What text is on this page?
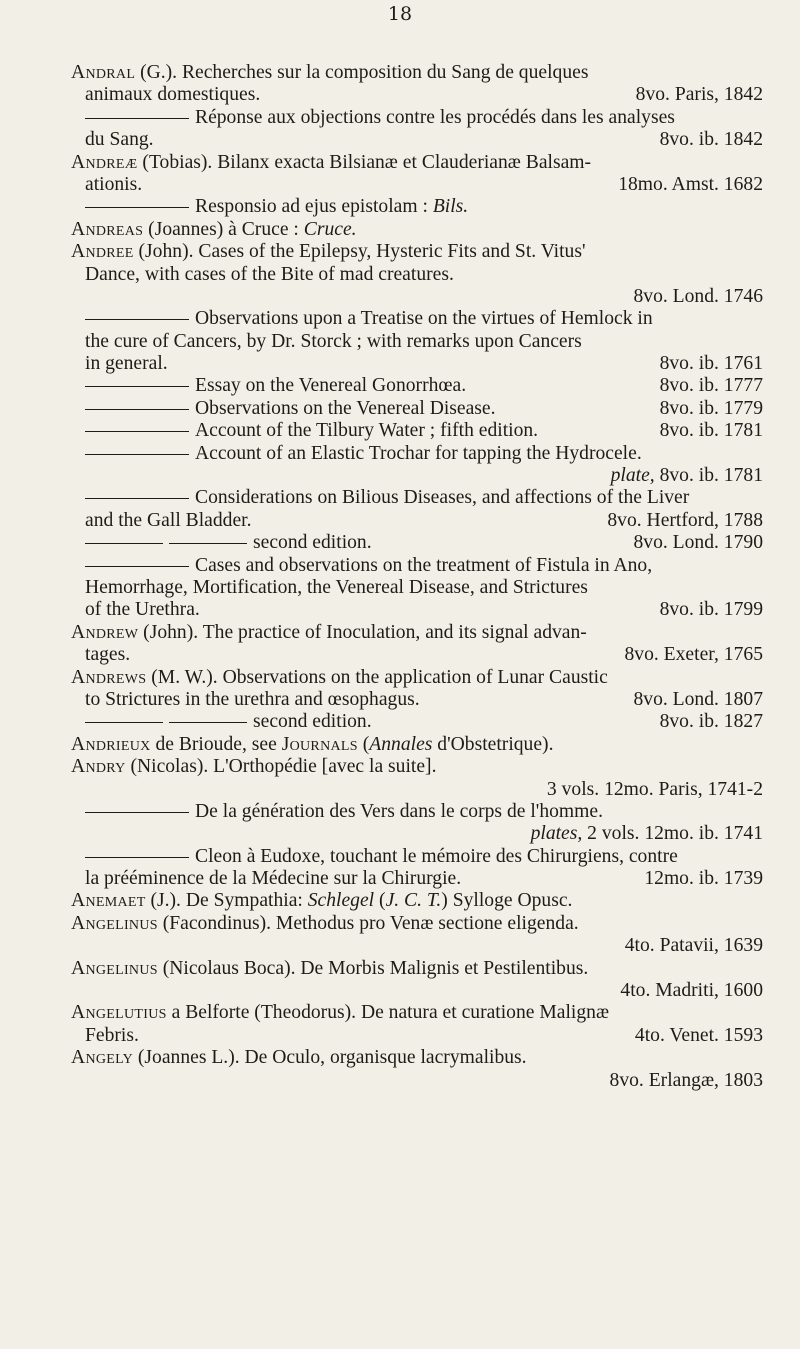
18
Andral (G.). Recherches sur la composition du Sang de quelques
animaux domestiques.	8vo. Paris, 1842
Réponse aux objections contre les procédés dans les analyses
du Sang.	8vo. ib. 1842
Andreæ (Tobias). Bilanx exacta Bilsianæ et Clauderianæ Balsam-
ationis.	18mo. Amst. 1682
Responsio ad ejus epistolam : Bils.
Andreas (Joannes) à Cruce : Cruce.
Andree (John). Cases of the Epilepsy, Hysteric Fits and St. Vitus'
Dance, with cases of the Bite of mad creatures.
8vo. Lond. 1746
Observations upon a Treatise on the virtues of Hemlock in
the cure of Cancers, by Dr. Storck ; with remarks upon Cancers
in general.	8vo. ib. 1761
Essay on the Venereal Gonorrhœa.	8vo. ib. 1777
Observations on the Venereal Disease.	8vo. ib. 1779
Account of the Tilbury Water ; fifth edition.	8vo. ib. 1781
Account of an Elastic Trochar for tapping the Hydrocele.
plate, 8vo. ib. 1781
Considerations on Bilious Diseases, and affections of the Liver
and the Gall Bladder.	8vo. Hertford, 1788
second edition.	8vo. Lond. 1790
Cases and observations on the treatment of Fistula in Ano,
Hemorrhage, Mortification, the Venereal Disease, and Strictures
of the Urethra.	8vo. ib. 1799
Andrew (John). The practice of Inoculation, and its signal advan-
tages.	8vo. Exeter, 1765
Andrews (M. W.). Observations on the application of Lunar Caustic
to Strictures in the urethra and œsophagus.	8vo. Lond. 1807
second edition.	8vo. ib. 1827
Andrieux de Brioude, see Journals (Annales d'Obstetrique).
Andry (Nicolas). L'Orthopédie [avec la suite].
3 vols. 12mo. Paris, 1741-2
De la génération des Vers dans le corps de l'homme.
plates, 2 vols. 12mo. ib. 1741
Cleon à Eudoxe, touchant le mémoire des Chirurgiens, contre
la prééminence de la Médecine sur la Chirurgie.	12mo. ib. 1739
Anemaet (J.). De Sympathia: Schlegel (J. C. T.) Sylloge Opusc.
Angelinus (Facondinus). Methodus pro Venæ sectione eligenda.
4to. Patavii, 1639
Angelinus (Nicolaus Boca). De Morbis Malignis et Pestilentibus.
4to. Madriti, 1600
Angelutius a Belforte (Theodorus). De natura et curatione Malignæ
Febris.	4to. Venet. 1593
Angely (Joannes L.). De Oculo, organisque lacrymalibus.
8vo. Erlangæ, 1803
